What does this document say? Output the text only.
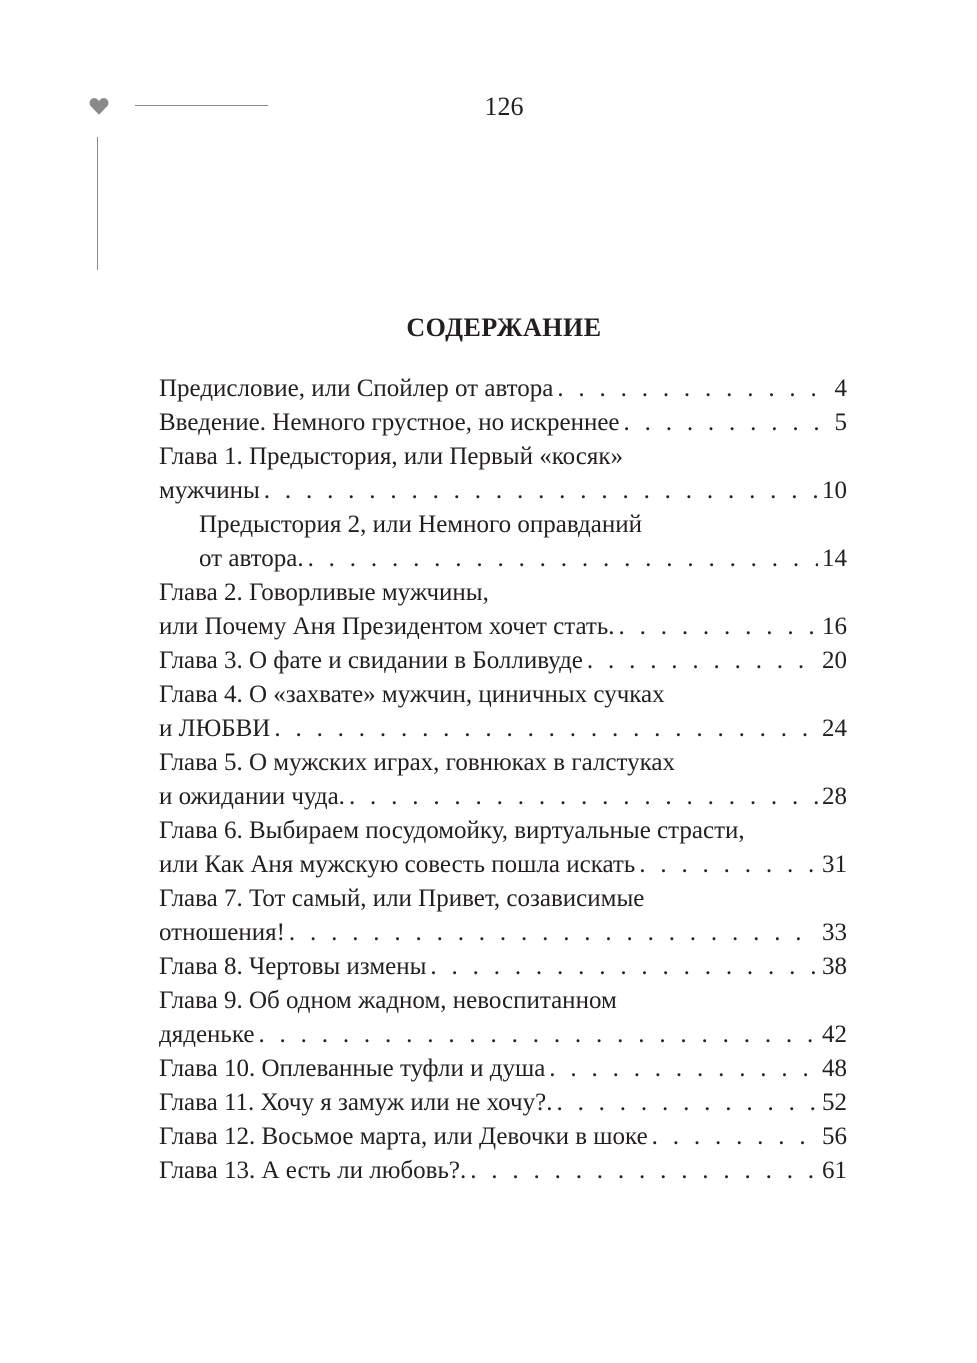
126
СОДЕРЖАНИЕ
Предисловие, или Спойлер от автора . . .	4
Введение. Немного грустное, но искреннее . . .	5
Глава 1. Предыстория, или Первый «косяк»
мужчины . . .	10
Предыстория 2, или Немного оправданий
от автора. . . .	14
Глава 2. Говорливые мужчины,
или Почему Аня Президентом хочет стать. . . .	16
Глава 3. О фате и свидании в Болливуде . . .	20
Глава 4. О «захвате» мужчин, циничных сучках
и ЛЮБВИ . . .	24
Глава 5. О мужских играх, говнюках в галстуках
и ожидании чуда. . . .	28
Глава 6. Выбираем посудомойку, виртуальные страсти,
или Как Аня мужскую совесть пошла искать . . .	31
Глава 7. Тот самый, или Привет, созависимые
отношения! . . .	33
Глава 8. Чертовы измены . . .	38
Глава 9. Об одном жадном, невоспитанном
дяденьке . . .	42
Глава 10. Оплеванные туфли и душа . . .	48
Глава 11. Хочу я замуж или не хочу?. . . .	52
Глава 12. Восьмое марта, или Девочки в шоке . . .	56
Глава 13. А есть ли любовь?. . . .	61
